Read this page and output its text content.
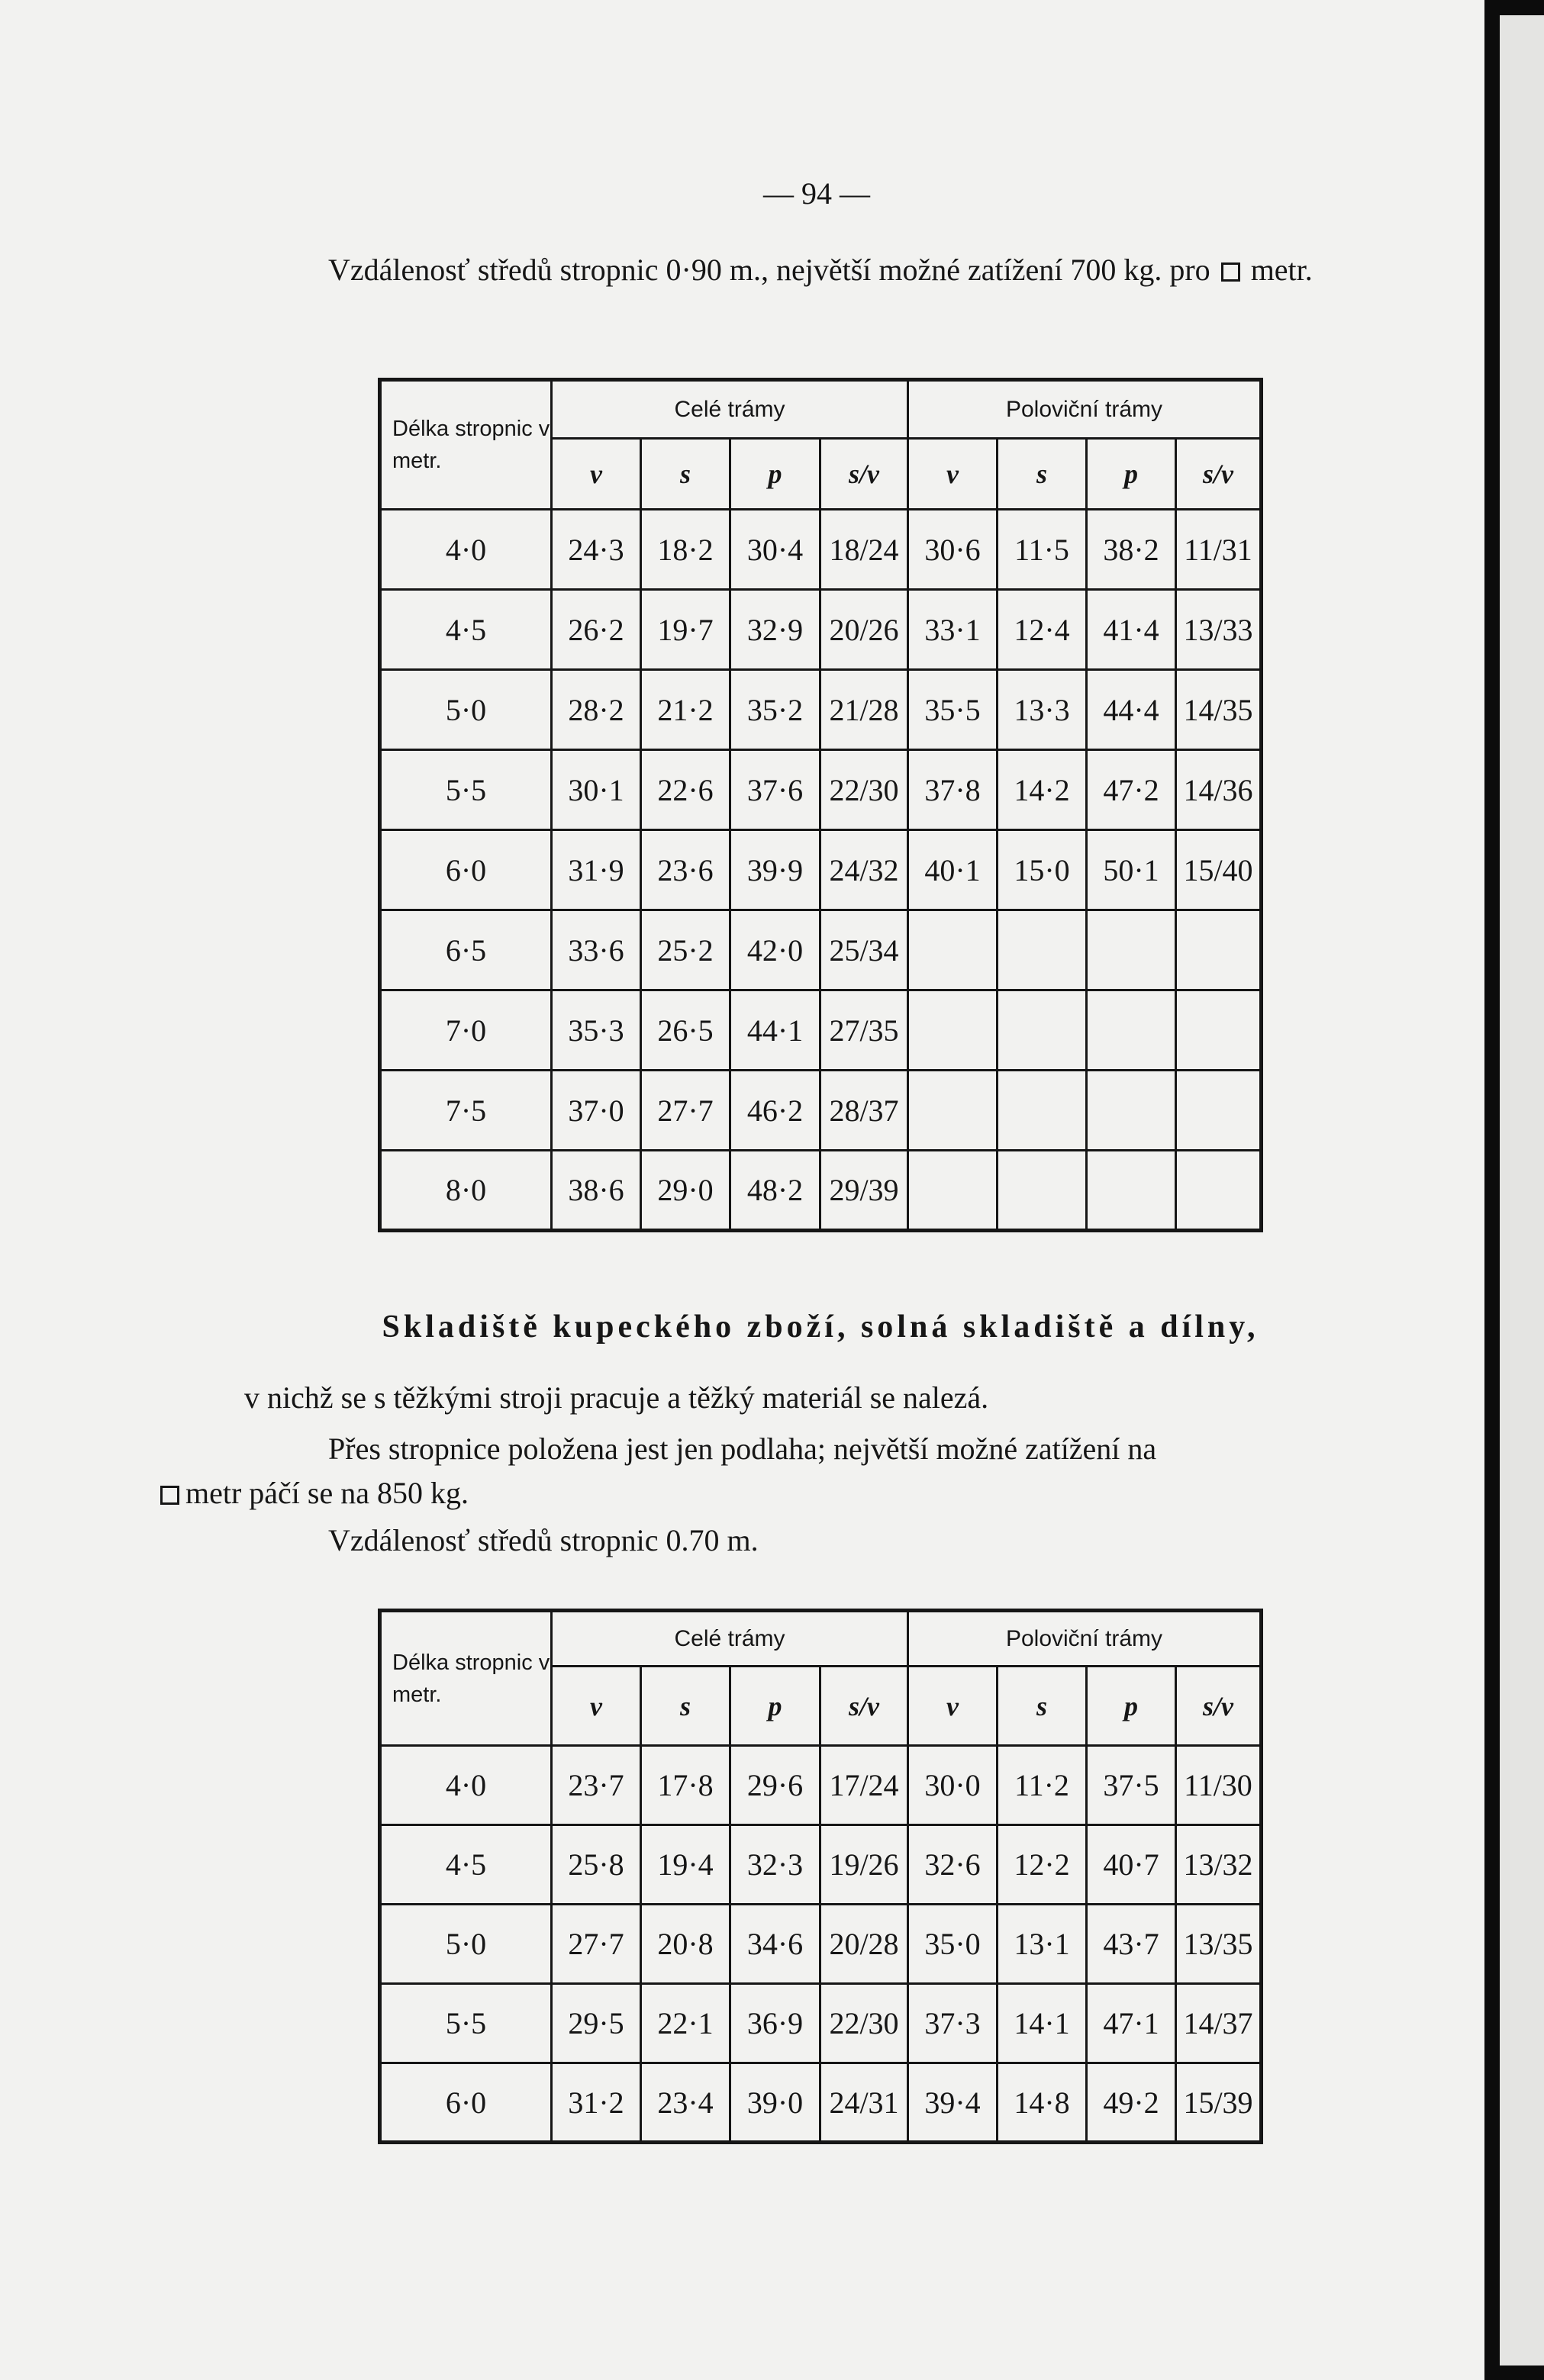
— 94 —
Vzdálenosť středů stropnic 0·90 m., největší možné zatížení 700 kg. pro metr.
Délka stropnic v metr.	Celé trámy				Poloviční trámy			
	v	s	p	s/v	v	s	p	s/v
4·0	24·3	18·2	30·4	18/24	30·6	11·5	38·2	11/31
4·5	26·2	19·7	32·9	20/26	33·1	12·4	41·4	13/33
5·0	28·2	21·2	35·2	21/28	35·5	13·3	44·4	14/35
5·5	30·1	22·6	37·6	22/30	37·8	14·2	47·2	14/36
6·0	31·9	23·6	39·9	24/32	40·1	15·0	50·1	15/40
6·5	33·6	25·2	42·0	25/34				
7·0	35·3	26·5	44·1	27/35				
7·5	37·0	27·7	46·2	28/37				
8·0	38·6	29·0	48·2	29/39				
Skladiště kupeckého zboží, solná skladiště a dílny,
v nichž se s těžkými stroji pracuje a těžký materiál se nalezá.
Přes stropnice položena jest jen podlaha; největší možné zatížení na
metr páčí se na 850 kg.
Vzdálenosť středů stropnic 0.70 m.
Délka stropnic v metr.	Celé trámy				Poloviční trámy			
	v	s	p	s/v	v	s	p	s/v
4·0	23·7	17·8	29·6	17/24	30·0	11·2	37·5	11/30
4·5	25·8	19·4	32·3	19/26	32·6	12·2	40·7	13/32
5·0	27·7	20·8	34·6	20/28	35·0	13·1	43·7	13/35
5·5	29·5	22·1	36·9	22/30	37·3	14·1	47·1	14/37
6·0	31·2	23·4	39·0	24/31	39·4	14·8	49·2	15/39
